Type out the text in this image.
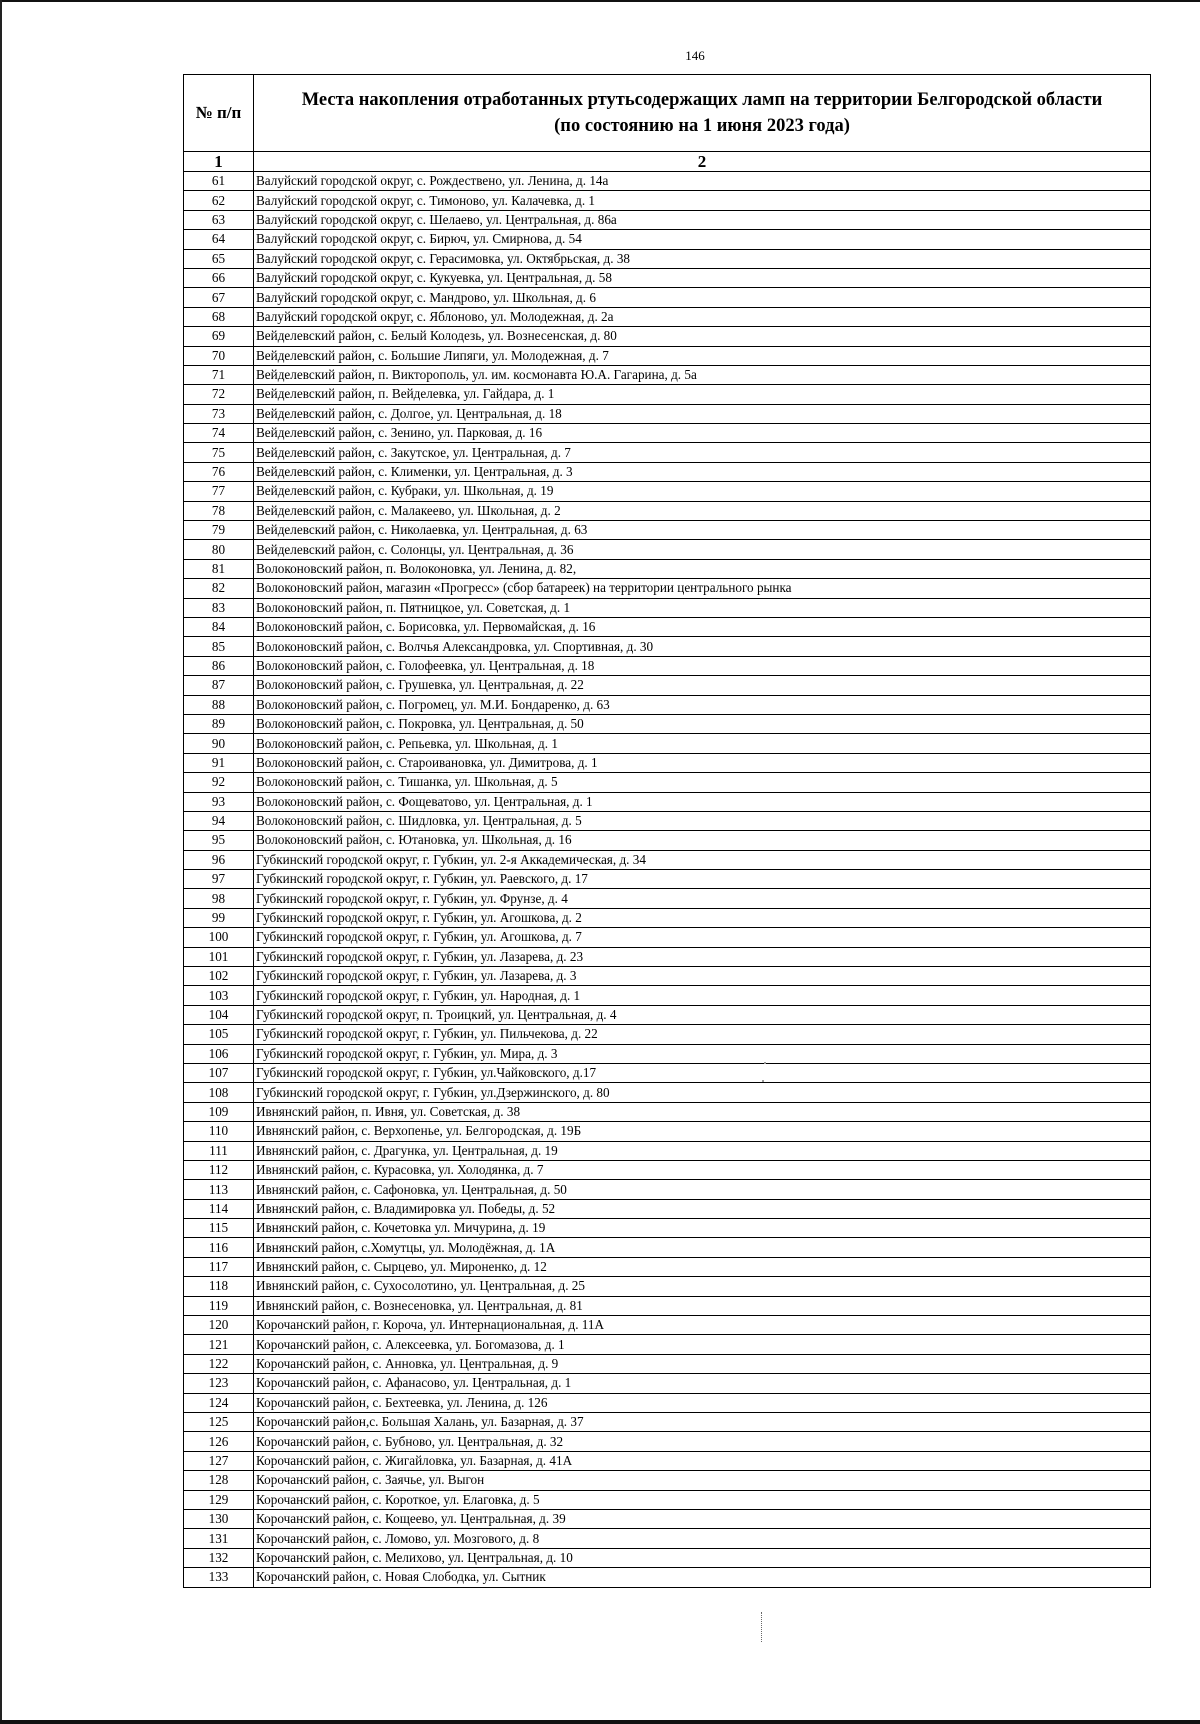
146
№ п/п	Места накопления отработанных ртутьсодержащих ламп на территории Белгородской области
(по состоянию на 1 июня 2023 года)

1	2
61	Валуйский городской округ, с. Рождествено, ул. Ленина, д. 14а
62	Валуйский городской округ, с. Тимоново, ул. Калачевка, д. 1
63	Валуйский городской округ, с. Шелаево, ул. Центральная, д. 86а
64	Валуйский городской округ, с. Бирюч, ул. Смирнова, д. 54
65	Валуйский городской округ, с. Герасимовка, ул. Октябрьская, д. 38
66	Валуйский городской округ, с. Кукуевка, ул. Центральная, д. 58
67	Валуйский городской округ, с. Мандрово, ул. Школьная, д. 6
68	Валуйский городской округ, с. Яблоново, ул. Молодежная, д. 2а
69	Вейделевский район, с. Белый Колодезь, ул. Вознесенская, д. 80
70	Вейделевский район, с. Большие Липяги, ул. Молодежная, д. 7
71	Вейделевский район, п. Викторополь, ул. им. космонавта Ю.А. Гагарина, д. 5а
72	Вейделевский район, п. Вейделевка, ул. Гайдара, д. 1
73	Вейделевский район, с. Долгое, ул. Центральная, д. 18
74	Вейделевский район, с. Зенино, ул. Парковая, д. 16
75	Вейделевский район, с. Закутское, ул. Центральная, д. 7
76	Вейделевский район, с. Клименки, ул. Центральная, д. 3
77	Вейделевский район, с. Кубраки, ул. Школьная, д. 19
78	Вейделевский район, с. Малакеево, ул. Школьная, д. 2
79	Вейделевский район, с. Николаевка, ул. Центральная, д. 63
80	Вейделевский район, с. Солонцы, ул. Центральная, д. 36
81	Волоконовский район, п. Волоконовка, ул. Ленина, д. 82,
82	Волоконовский район, магазин «Прогресс» (сбор батареек) на территории центрального рынка
83	Волоконовский район, п. Пятницкое, ул. Советская, д. 1
84	Волоконовский район, с. Борисовка, ул. Первомайская, д. 16
85	Волоконовский район, с. Волчья Александровка, ул. Спортивная, д. 30
86	Волоконовский район, с. Голофеевка, ул. Центральная, д. 18
87	Волоконовский район, с. Грушевка, ул. Центральная, д. 22
88	Волоконовский район, с. Погромец, ул. М.И. Бондаренко, д. 63
89	Волоконовский район, с. Покровка, ул. Центральная, д. 50
90	Волоконовский район, с. Репьевка, ул. Школьная, д. 1
91	Волоконовский район, с. Староивановка, ул. Димитрова, д. 1
92	Волоконовский район, с. Тишанка, ул. Школьная, д. 5
93	Волоконовский район, с. Фощеватово, ул. Центральная, д. 1
94	Волоконовский район, с. Шидловка, ул. Центральная, д. 5
95	Волоконовский район, с. Ютановка, ул. Школьная, д. 16
96	Губкинский городской округ, г. Губкин, ул. 2-я Аккадемическая, д. 34
97	Губкинский городской округ, г. Губкин, ул. Раевского, д. 17
98	Губкинский городской округ, г. Губкин, ул. Фрунзе, д. 4
99	Губкинский городской округ, г. Губкин, ул. Агошкова, д. 2
100	Губкинский городской округ, г. Губкин, ул. Агошкова, д. 7
101	Губкинский городской округ, г. Губкин, ул. Лазарева, д. 23
102	Губкинский городской округ, г. Губкин, ул. Лазарева, д. 3
103	Губкинский городской округ, г. Губкин, ул. Народная, д. 1
104	Губкинский городской округ, п. Троицкий, ул. Центральная, д. 4
105	Губкинский городской округ, г. Губкин, ул. Пильчекова, д. 22
106	Губкинский городской округ, г. Губкин, ул. Мира, д. 3
107	Губкинский городской округ, г. Губкин, ул.Чайковского, д.17
108	Губкинский городской округ, г. Губкин, ул.Дзержинского, д. 80
109	Ивнянский район, п. Ивня, ул. Советская, д. 38
110	Ивнянский район, с. Верхопенье, ул. Белгородская, д. 19Б
111	Ивнянский район, с. Драгунка, ул. Центральная, д. 19
112	Ивнянский район, с. Курасовка, ул. Холодянка, д. 7
113	Ивнянский район, с. Сафоновка, ул. Центральная, д. 50
114	Ивнянский район, с. Владимировка ул. Победы, д. 52
115	Ивнянский район, с. Кочетовка ул. Мичурина, д. 19
116	Ивнянский район, с.Хомутцы, ул. Молодёжная, д. 1А
117	Ивнянский район, с. Сырцево, ул. Мироненко, д. 12
118	Ивнянский район, с. Сухосолотино, ул. Центральная, д. 25
119	Ивнянский район, с. Вознесеновка, ул. Центральная, д. 81
120	Корочанский район, г. Короча, ул. Интернациональная, д. 11А
121	Корочанский район, с. Алексеевка, ул. Богомазова, д. 1
122	Корочанский район, с. Анновка, ул. Центральная, д. 9
123	Корочанский район, с. Афанасово, ул. Центральная, д. 1
124	Корочанский район, с. Бехтеевка, ул. Ленина, д. 126
125	Корочанский район,с. Большая Халань, ул. Базарная, д. 37
126	Корочанский район, с. Бубново, ул. Центральная, д. 32
127	Корочанский район, с. Жигайловка, ул. Базарная, д. 41А
128	Корочанский район, с. Заячье, ул. Выгон
129	Корочанский район, с. Короткое, ул. Елаговка, д. 5
130	Корочанский район, с. Кощеево, ул. Центральная, д. 39
131	Корочанский район, с. Ломово, ул. Мозгового, д. 8
132	Корочанский район, с. Мелихово, ул. Центральная, д. 10
133	Корочанский район, с. Новая Слободка, ул. Сытник
